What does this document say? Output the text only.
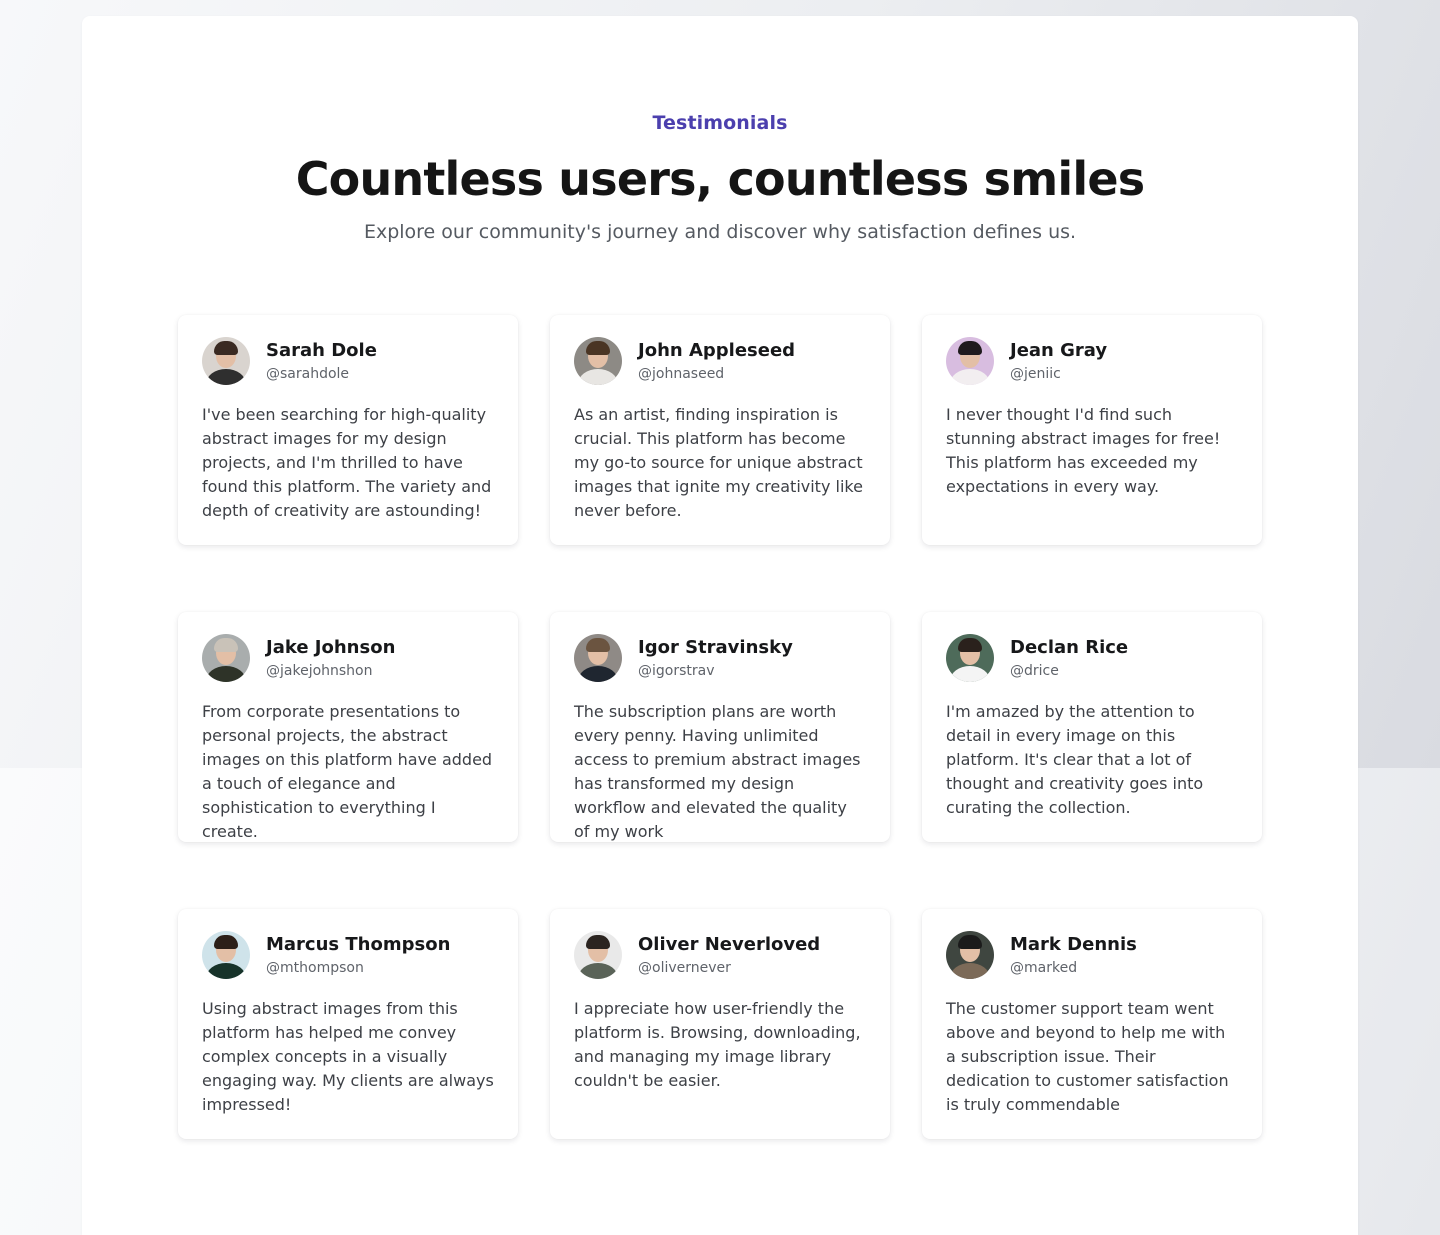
Testimonials
Countless users, countless smiles

Explore our community's journey and discover why satisfaction defines us.

Sarah Dole
@sarahdole

I've been searching for high-quality abstract images for my design projects, and I'm thrilled to have found this platform. The variety and depth of creativity are astounding!

John Appleseed
@johnaseed

As an artist, finding inspiration is crucial. This platform has become my go-to source for unique abstract images that ignite my creativity like never before.

Jean Gray
@jeniic

I never thought I'd find such stunning abstract images for free! This platform has exceeded my expectations in every way.

Jake Johnson
@jakejohnshon

From corporate presentations to personal projects, the abstract images on this platform have added a touch of elegance and sophistication to everything I create.

Igor Stravinsky
@igorstrav

The subscription plans are worth every penny. Having unlimited access to premium abstract images has transformed my design workflow and elevated the quality of my work

Declan Rice
@drice

I'm amazed by the attention to detail in every image on this platform. It's clear that a lot of thought and creativity goes into curating the collection.

Marcus Thompson
@mthompson

Using abstract images from this platform has helped me convey complex concepts in a visually engaging way. My clients are always impressed!

Oliver Neverloved
@olivernever

I appreciate how user-friendly the platform is. Browsing, downloading, and managing my image library couldn't be easier.

Mark Dennis
@marked

The customer support team went above and beyond to help me with a subscription issue. Their dedication to customer satisfaction is truly commendable
